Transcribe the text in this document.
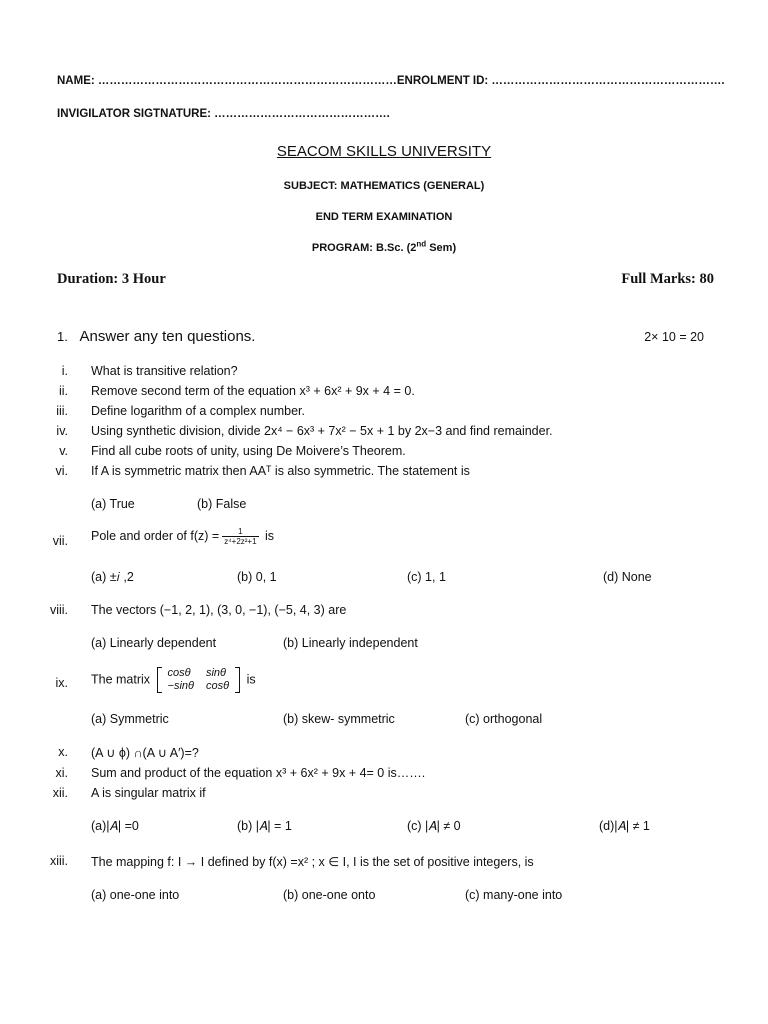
NAME: ……………………………………………………………………ENROLMENT ID: …………………………………………………….
INVIGILATOR SIGTNATURE: ……………………………………….
SEACOM SKILLS UNIVERSITY
SUBJECT: MATHEMATICS (GENERAL)
END TERM EXAMINATION
PROGRAM: B.Sc. (2nd Sem)
Duration: 3 Hour	Full Marks: 80
1. Answer any ten questions.	2× 10 = 20
i. What is transitive relation?
ii. Remove second term of the equation x³ + 6x² + 9x + 4 = 0.
iii. Define logarithm of a complex number.
iv. Using synthetic division, divide 2x⁴ − 6x³ + 7x² − 5x + 1 by 2x−3 and find remainder.
v. Find all cube roots of unity, using De Moivere’s Theorem.
vi. If A is symmetric matrix then AAᵀ is also symmetric. The statement is
(a) True	(b) False
vii. Pole and order of $f(z) = \frac{1}{\text{z⁴+2z²+1}}$ is
(a) ±𝑖 ,2	(b) 0, 1	(c) 1, 1	(d) None
viii. The vectors (−1, 2, 1), (3, 0, −1), (−5, 4, 3) are
(a) Linearly dependent	(b) Linearly independent
ix. The matrix cosθ	sinθ
−sinθ	cosθ is
(a) Symmetric	(b) skew- symmetric	(c) orthogonal
x. (A ∪ ϕ) ∩(A ∪ A′)=?
xi. Sum and product of the equation x³ + 6x² + 9x + 4= 0 is…….
xii. A is singular matrix if
(a)|𝐴| =0	(b) |𝐴| = 1	(c) |𝐴| ≠ 0	(d)|𝐴| ≠ 1
xiii. The mapping f: I → I defined by f(x) =x² ; x ∈ I, I is the set of positive integers, is
(a) one-one into	(b) one-one onto	(c) many-one into
